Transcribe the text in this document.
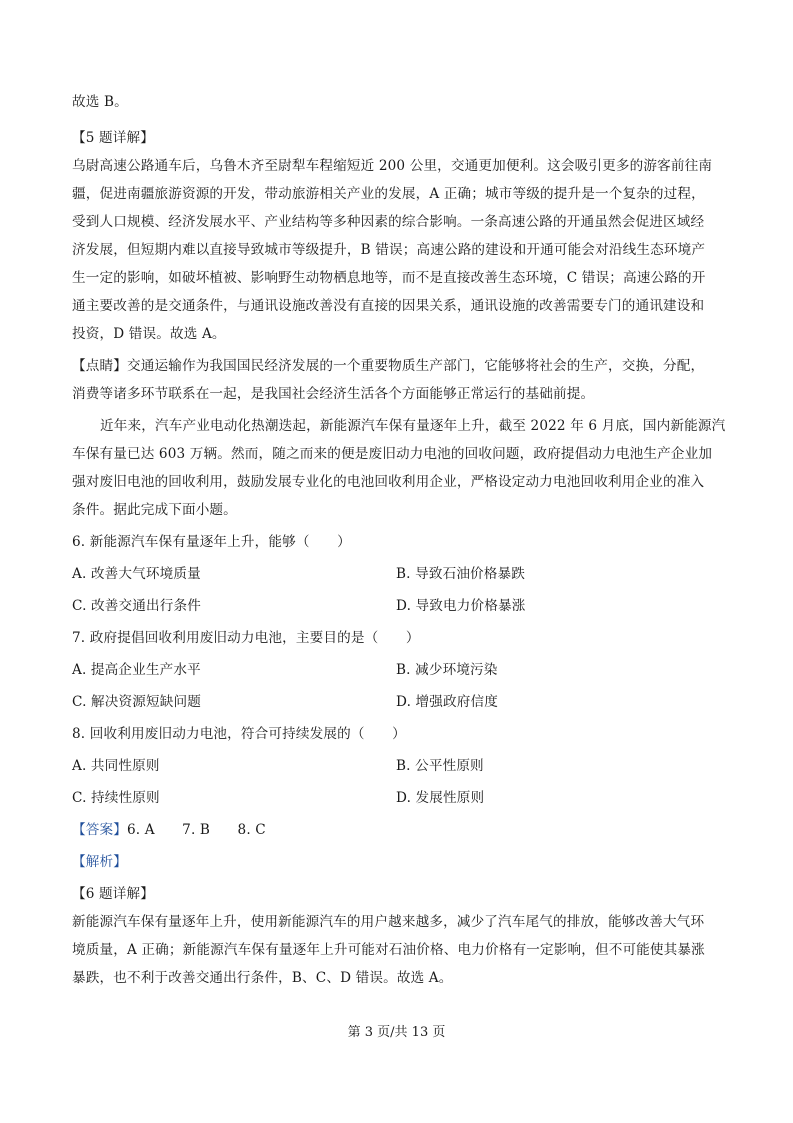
故选 B。
【5 题详解】
乌尉高速公路通车后，乌鲁木齐至尉犁车程缩短近 200 公里，交通更加便利。这会吸引更多的游客前往南
疆，促进南疆旅游资源的开发，带动旅游相关产业的发展，A 正确；城市等级的提升是一个复杂的过程，
受到人口规模、经济发展水平、产业结构等多种因素的综合影响。一条高速公路的开通虽然会促进区域经
济发展，但短期内难以直接导致城市等级提升，B 错误；高速公路的建设和开通可能会对沿线生态环境产
生一定的影响，如破坏植被、影响野生动物栖息地等，而不是直接改善生态环境，C 错误；高速公路的开
通主要改善的是交通条件，与通讯设施改善没有直接的因果关系，通讯设施的改善需要专门的通讯建设和
投资，D 错误。故选 A。
【点睛】交通运输作为我国国民经济发展的一个重要物质生产部门，它能够将社会的生产，交换，分配，
消费等诸多环节联系在一起，是我国社会经济生活各个方面能够正常运行的基础前提。
近年来，汽车产业电动化热潮迭起，新能源汽车保有量逐年上升，截至 2022 年 6 月底，国内新能源汽
车保有量已达 603 万辆。然而，随之而来的便是废旧动力电池的回收问题，政府提倡动力电池生产企业加
强对废旧电池的回收利用，鼓励发展专业化的电池回收利用企业，严格设定动力电池回收利用企业的准入
条件。据此完成下面小题。
6. 新能源汽车保有量逐年上升，能够（　　）
A. 改善大气环境质量	B. 导致石油价格暴跌
C. 改善交通出行条件	D. 导致电力价格暴涨
7. 政府提倡回收利用废旧动力电池，主要目的是（　　）
A. 提高企业生产水平	B. 减少环境污染
C. 解决资源短缺问题	D. 增强政府信度
8. 回收利用废旧动力电池，符合可持续发展的（　　）
A. 共同性原则	B. 公平性原则
C. 持续性原则	D. 发展性原则
【答案】6. A　　7. B　　8. C
【解析】
【6 题详解】
新能源汽车保有量逐年上升，使用新能源汽车的用户越来越多，减少了汽车尾气的排放，能够改善大气环
境质量，A 正确；新能源汽车保有量逐年上升可能对石油价格、电力价格有一定影响，但不可能使其暴涨
暴跌，也不利于改善交通出行条件，B、C、D 错误。故选 A。
第 3 页/共 13 页
